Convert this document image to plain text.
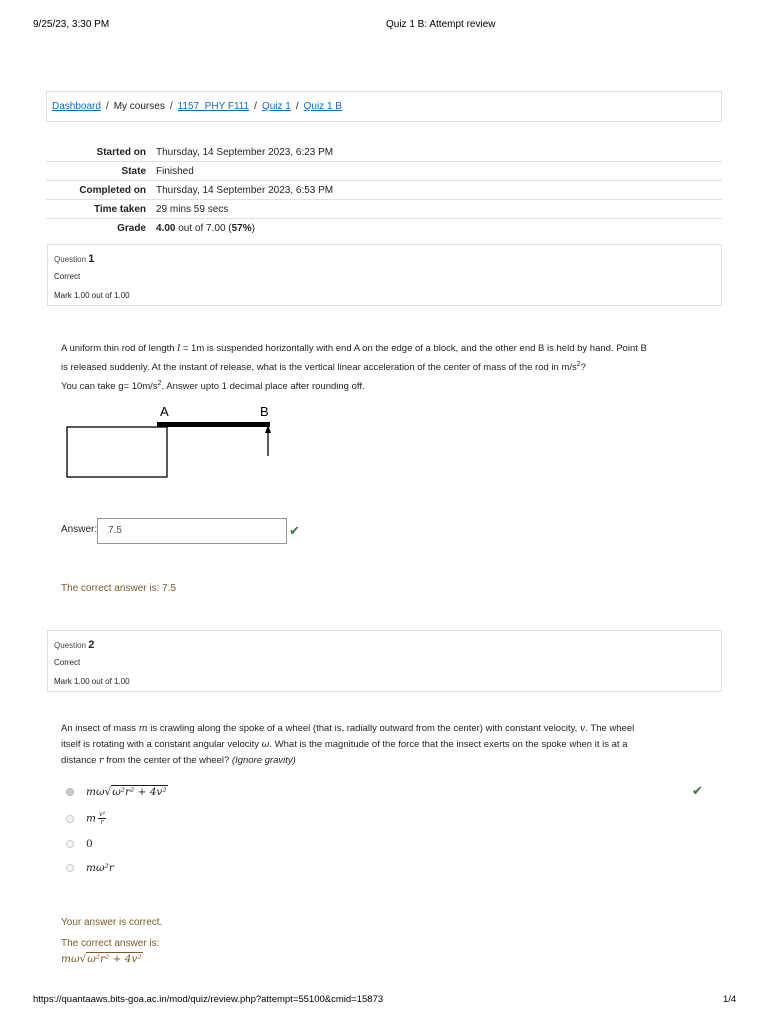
9/25/23, 3:30 PM	Quiz 1 B: Attempt review
Dashboard / My courses / 1157_PHY F111 / Quiz 1 / Quiz 1 B
Started on	Thursday, 14 September 2023, 6:23 PM
State	Finished
Completed on	Thursday, 14 September 2023, 6:53 PM
Time taken	29 mins 59 secs
Grade	4.00 out of 7.00 (57%)
Question 1
Correct
Mark 1.00 out of 1.00
A uniform thin rod of length l = 1m is suspended horizontally with end A on the edge of a block, and the other end B is held by hand. Point B
is released suddenly. At the instant of release, what is the vertical linear acceleration of the center of mass of the rod in $m/s^2$?
You can take $g= 10m/s^2$. Answer upto 1 decimal place after rounding off.
A	B
Answer:	7.5	✔
The correct answer is: 7.5
Question 2
Correct
Mark 1.00 out of 1.00
An insect of mass m is crawling along the spoke of a wheel (that is, radially outward from the center) with constant velocity, v. The wheel
itself is rotating with a constant angular velocity ω. What is the magnitude of the force that the insect exerts on the spoke when it is at a
distance r from the center of the wheel? (Ignore gravity)
mω√ω²r² + 4v²	✔
m $\frac{\text{v²}}{r}$
0
mω²r
Your answer is correct.
The correct answer is:
mω√ω²r² + 4v²
https://quantaaws.bits-goa.ac.in/mod/quiz/review.php?attempt=55100&cmid=15873	1/4
